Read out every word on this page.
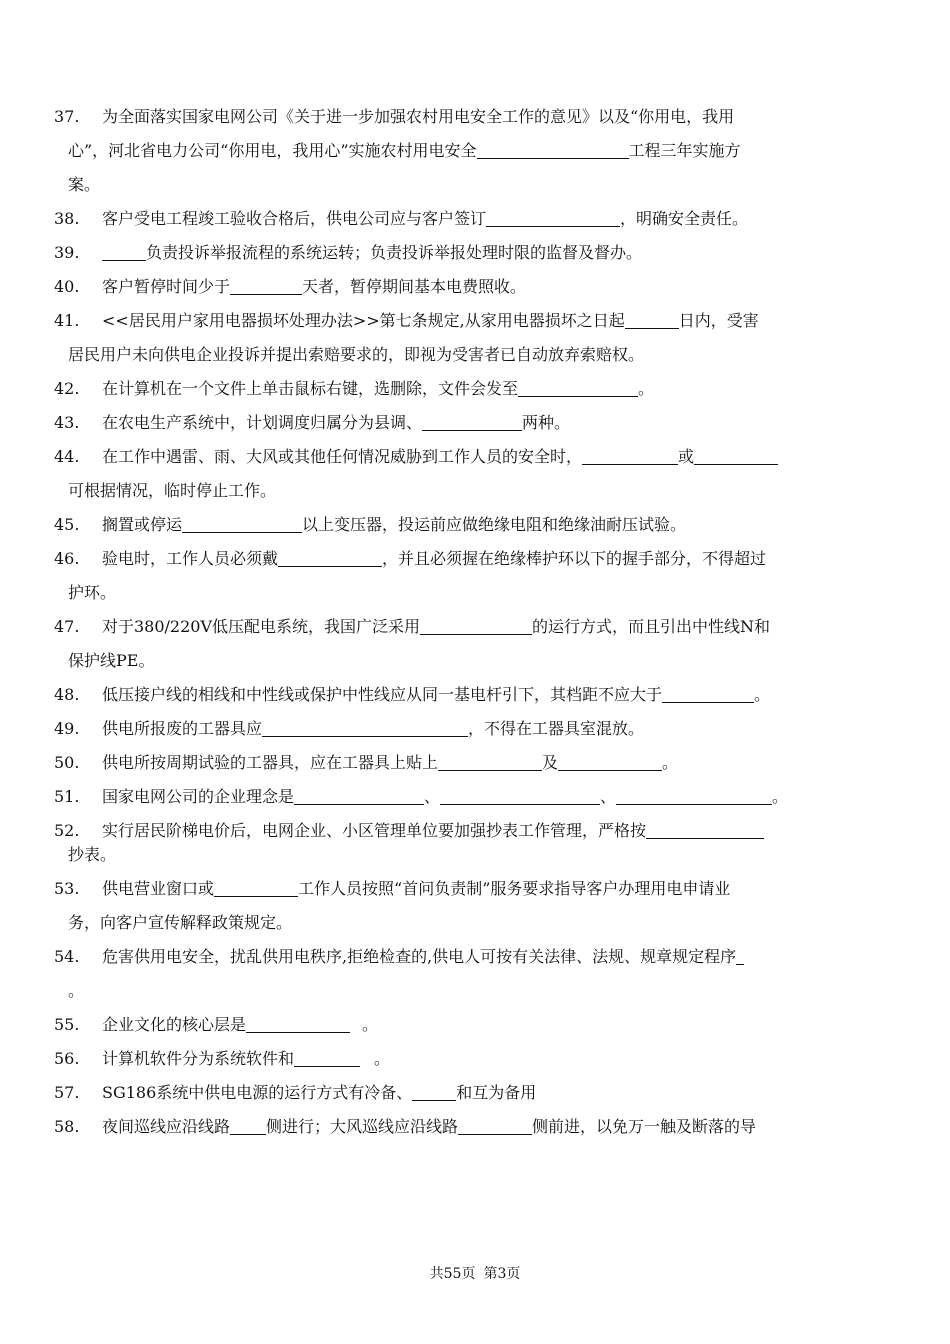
37.	为全面落实国家电网公司《关于进一步加强农村用电安全工作的意见》以及“你用电，我用
心”，河北省电力公司“你用电，我用心”实施农村用电安全	工程三年实施方
案。
38.	客户受电工程竣工验收合格后，供电公司应与客户签订	，明确安全责任。
39.	负责投诉举报流程的系统运转；负责投诉举报处理时限的监督及督办。
40.	客户暂停时间少于	天者，暂停期间基本电费照收。
41.	<<居民用户家用电器损坏处理办法>>第七条规定,从家用电器损坏之日起	日内，受害
居民用户未向供电企业投诉并提出索赔要求的，即视为受害者已自动放弃索赔权。
42.	在计算机在一个文件上单击鼠标右键，选删除，文件会发至	。
43.	在农电生产系统中，计划调度归属分为县调、	两种。
44.	在工作中遇雷、雨、大风或其他任何情况威胁到工作人员的安全时，	或
可根据情况，临时停止工作。
45.	搁置或停运	以上变压器，投运前应做绝缘电阻和绝缘油耐压试验。
46.	验电时，工作人员必须戴	，并且必须握在绝缘棒护环以下的握手部分，不得超过
护环。
47.	对于380/220V低压配电系统，我国广泛采用	的运行方式，而且引出中性线N和
保护线PE。
48.	低压接户线的相线和中性线或保护中性线应从同一基电杆引下，其档距不应大于	。
49.	供电所报废的工器具应	，不得在工器具室混放。
50.	供电所按周期试验的工器具，应在工器具上贴上	及	。
51.	国家电网公司的企业理念是	、	、	。
52.	实行居民阶梯电价后，电网企业、小区管理单位要加强抄表工作管理，严格按
抄表。
53.	供电营业窗口或	工作人员按照“首问负责制”服务要求指导客户办理用电申请业
务，向客户宣传解释政策规定。
54.	危害供用电安全，扰乱供用电秩序,拒绝检查的,供电人可按有关法律、法规、规章规定程序
。
55.	企业文化的核心层是	。
56.	计算机软件分为系统软件和	。
57.	SG186系统中供电电源的运行方式有冷备、	和互为备用
58.	夜间巡线应沿线路 侧进行；大风巡线应沿线路	侧前进，以免万一触及断落的导
共55页 第3页
